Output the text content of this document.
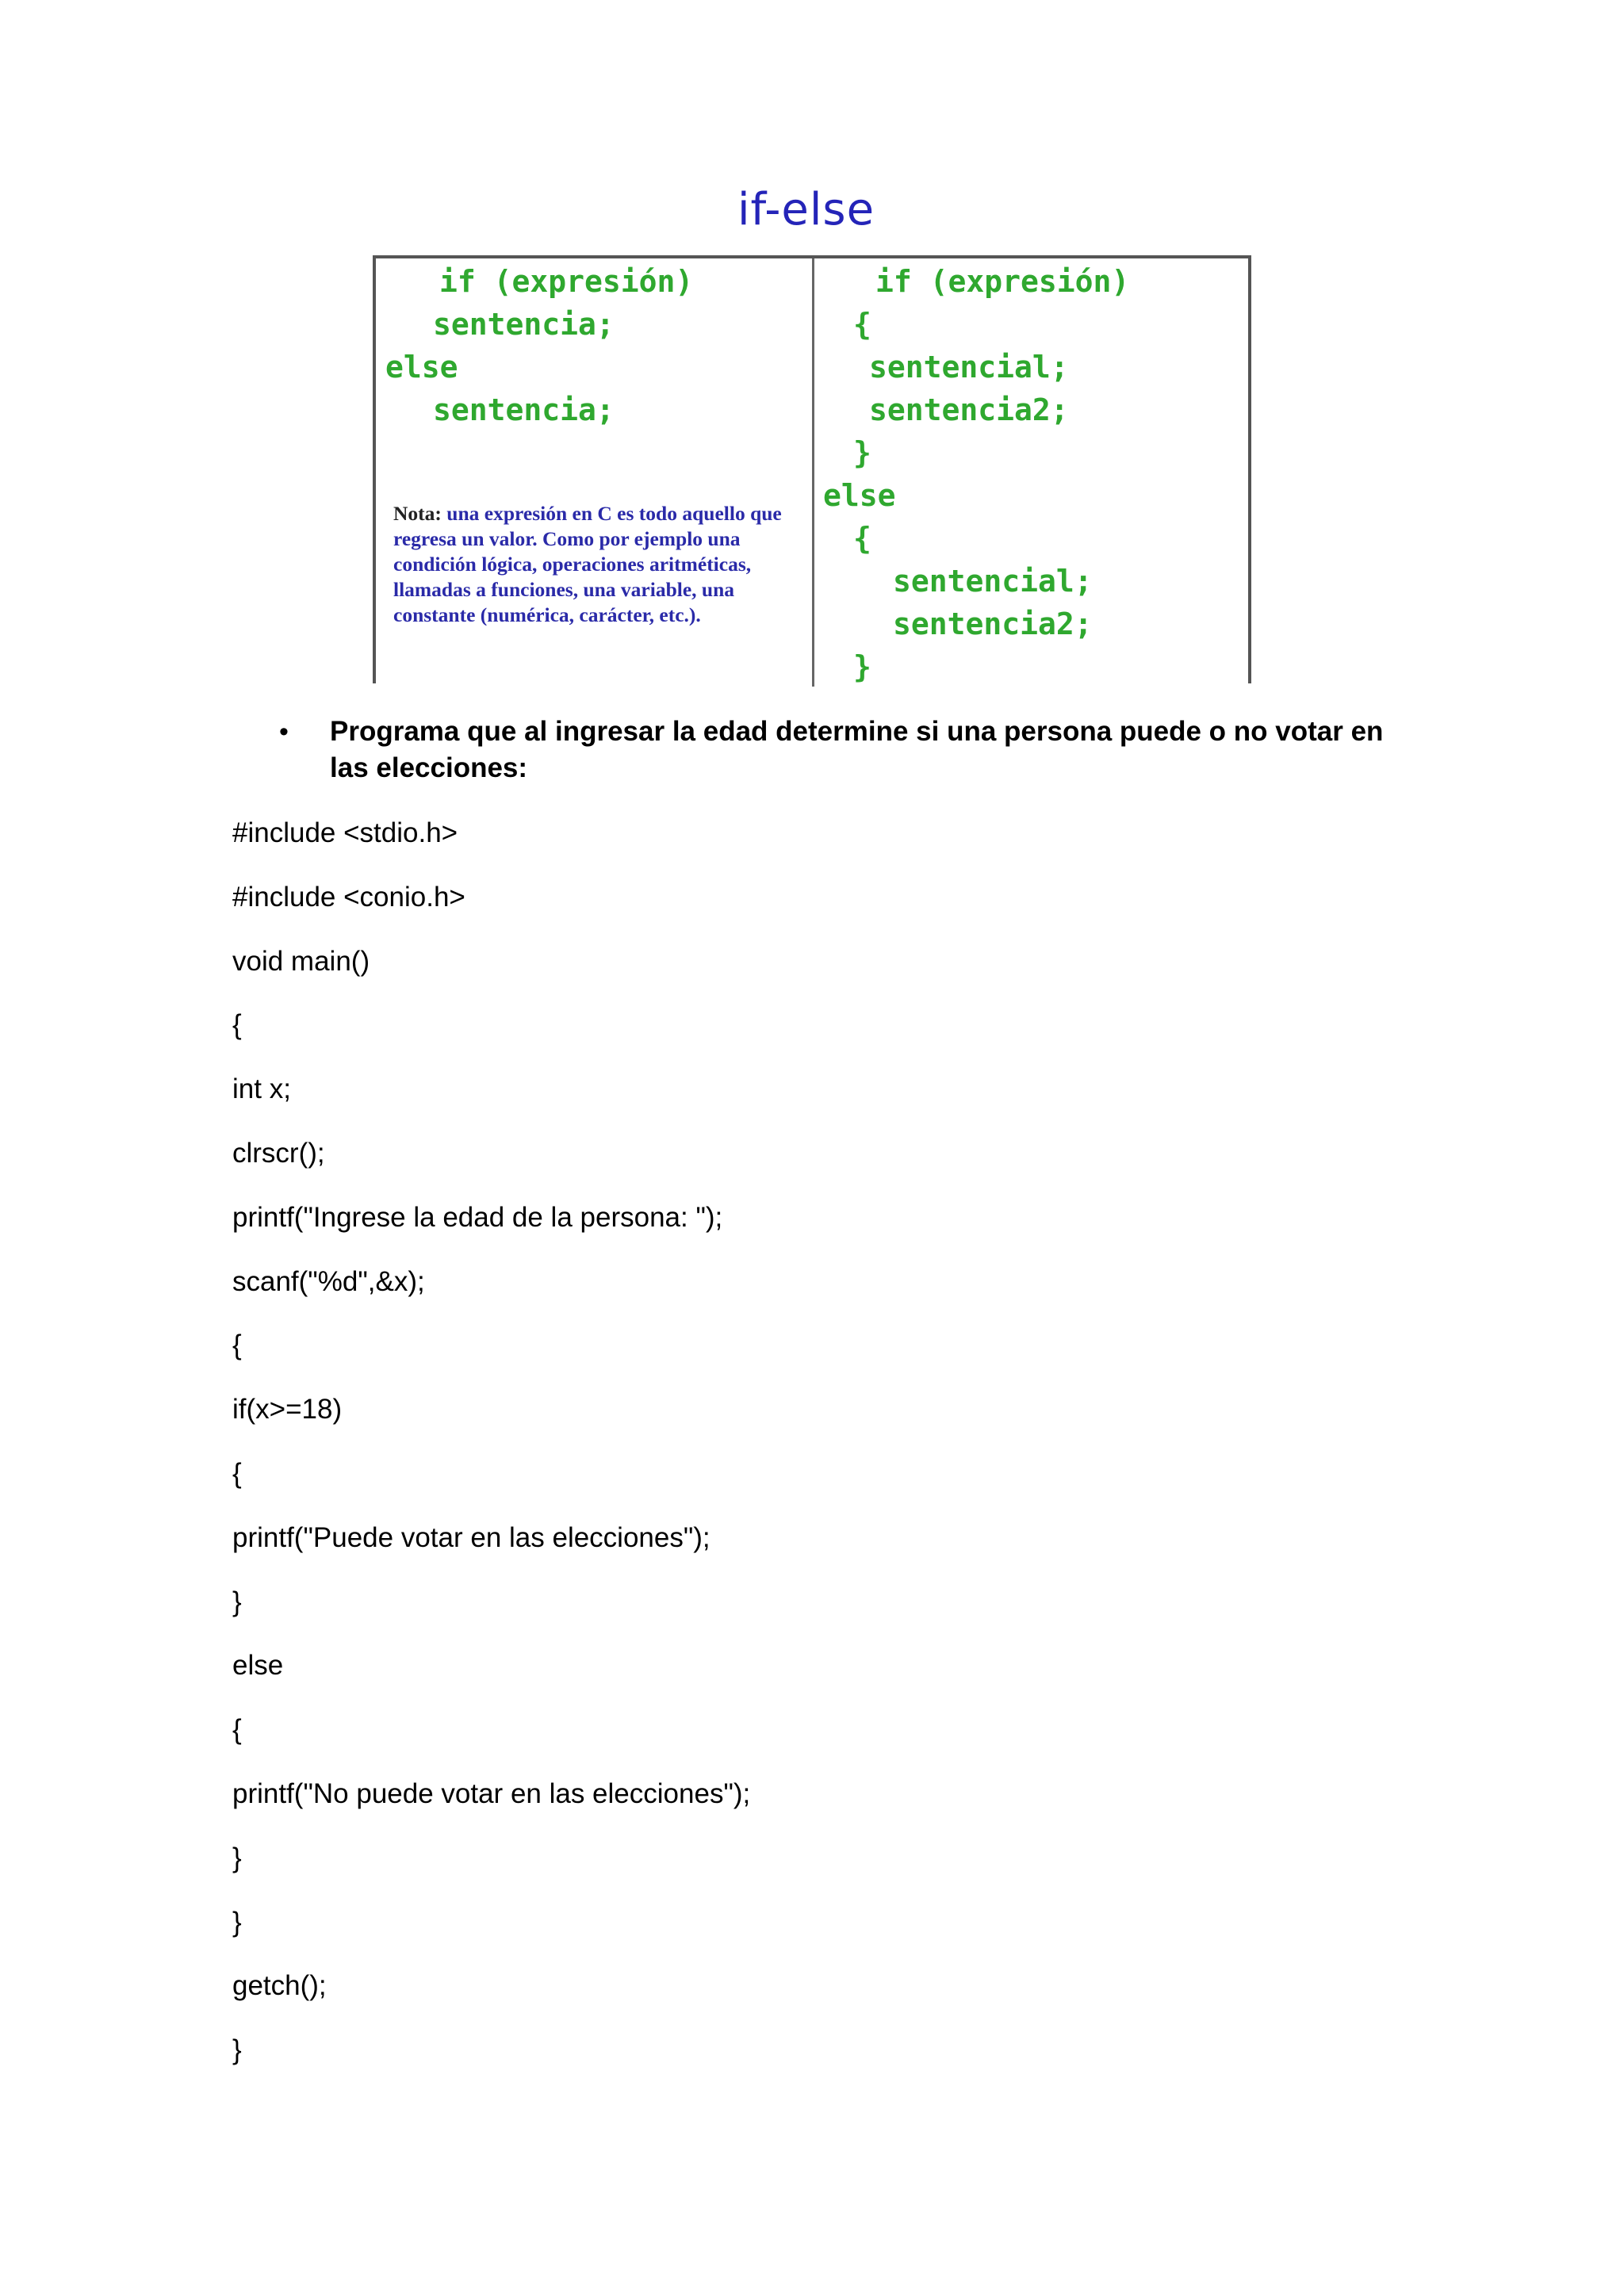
if-else
if (expresión)
sentencia;
else
sentencia;
Nota: una expresión en C es todo aquello que regresa un valor. Como por ejemplo una condición lógica, operaciones aritméticas, llamadas a funciones, una variable, una constante (numérica, carácter, etc.).
if (expresión)
{
sentencial;
sentencia2;
}
else
{
sentencial;
sentencia2;
}
• Programa que al ingresar la edad determine si una persona puede o no votar en las elecciones:
#include <stdio.h>
#include <conio.h>
void main()
{
int x;
clrscr();
printf("Ingrese la edad de la persona: ");
scanf("%d",&x);
{
if(x>=18)
{
printf("Puede votar en las elecciones");
}
else
{
printf("No puede votar en las elecciones");
}
}
getch();
}
